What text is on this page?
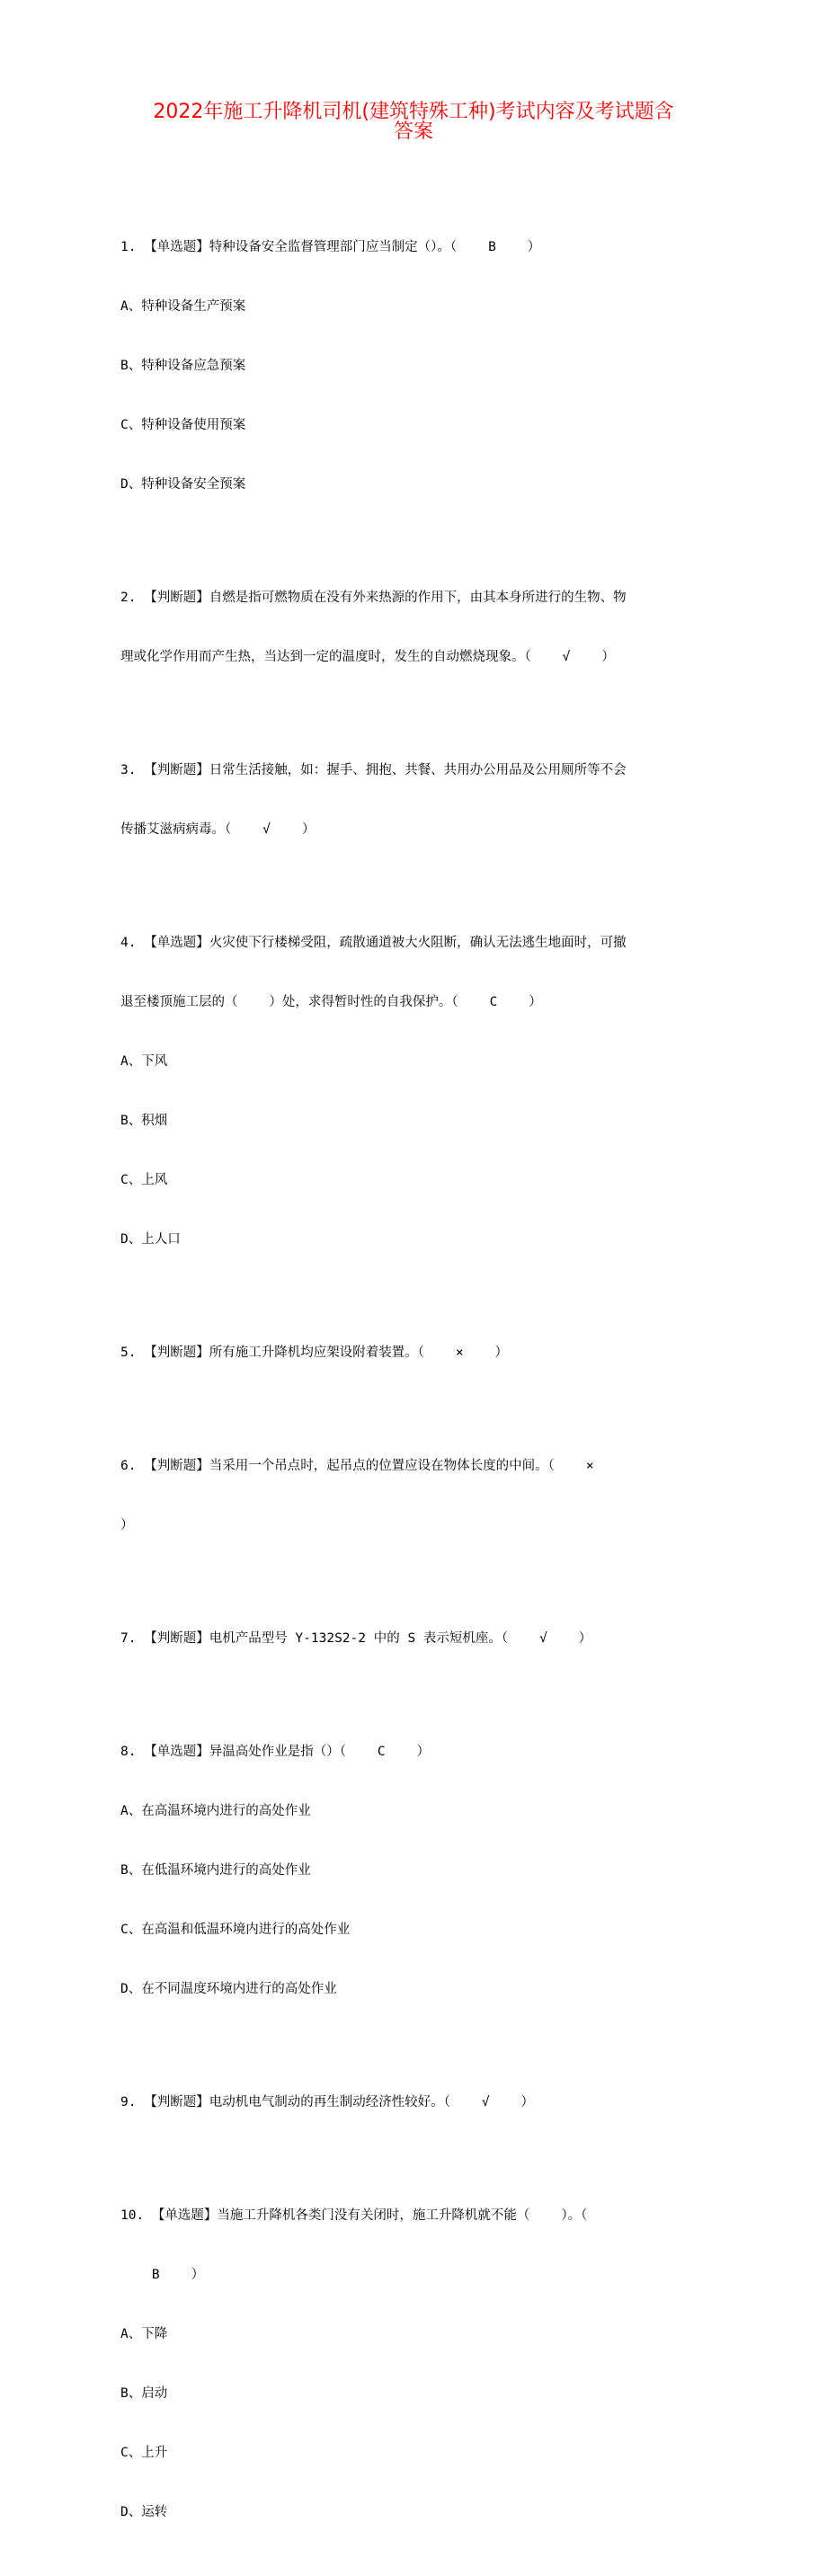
2022年施工升降机司机(建筑特殊工种)考试内容及考试题含
答案

1. 【单选题】特种设备安全监督管理部门应当制定（）。（    B    ）

A、特种设备生产预案

B、特种设备应急预案

C、特种设备使用预案

D、特种设备安全预案

2. 【判断题】自燃是指可燃物质在没有外来热源的作用下，由其本身所进行的生物、物

理或化学作用而产生热，当达到一定的温度时，发生的自动燃烧现象。（    √    ）

3. 【判断题】日常生活接触，如：握手、拥抱、共餐、共用办公用品及公用厕所等不会

传播艾滋病病毒。（    √    ）

4. 【单选题】火灾使下行楼梯受阻，疏散通道被大火阻断，确认无法逃生地面时，可撤

退至楼顶施工层的（    ）处，求得暂时性的自我保护。（    C    ）

A、下风

B、积烟

C、上风

D、上人口

5. 【判断题】所有施工升降机均应架设附着装置。（    ×    ）

6. 【判断题】当采用一个吊点时，起吊点的位置应设在物体长度的中间。（    ×

）

7. 【判断题】电机产品型号 Y-132S2-2 中的 S 表示短机座。（    √    ）

8. 【单选题】异温高处作业是指（）（    C    ）

A、在高温环境内进行的高处作业

B、在低温环境内进行的高处作业

C、在高温和低温环境内进行的高处作业

D、在不同温度环境内进行的高处作业

9. 【判断题】电动机电气制动的再生制动经济性较好。（    √    ）

10. 【单选题】当施工升降机各类门没有关闭时，施工升降机就不能（    ）。（

B    ）

A、下降

B、启动

C、上升

D、运转
